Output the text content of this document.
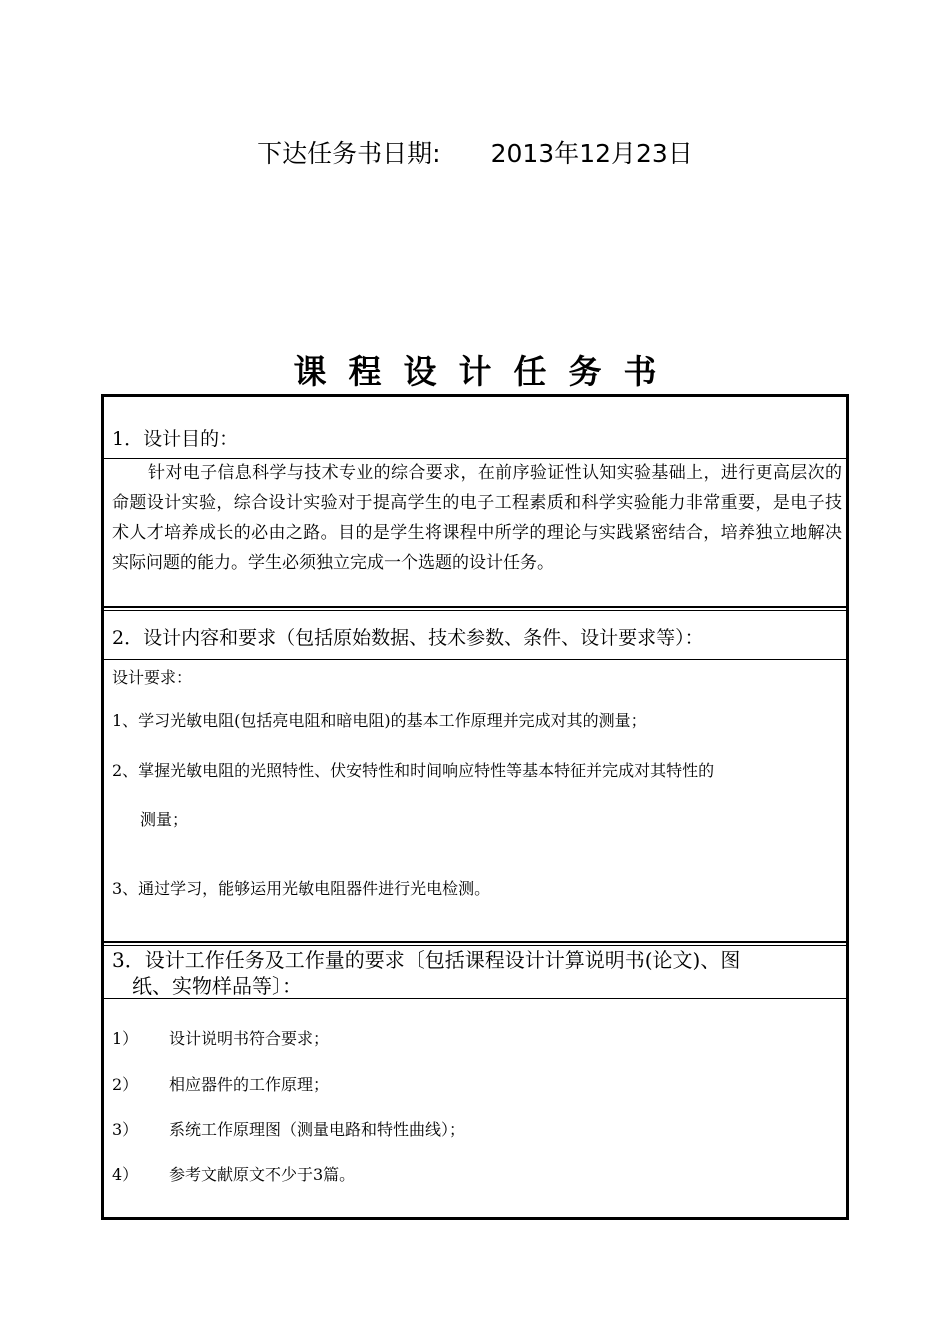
下达任务书日期: 2013年12月23日
课程设计任务书
1．设计目的：
针对电子信息科学与技术专业的综合要求，在前序验证性认知实验基础上，进行更高层次的命题设计实验，综合设计实验对于提高学生的电子工程素质和科学实验能力非常重要，是电子技术人才培养成长的必由之路。目的是学生将课程中所学的理论与实践紧密结合，培养独立地解决实际问题的能力。学生必须独立完成一个选题的设计任务。
2．设计内容和要求（包括原始数据、技术参数、条件、设计要求等）：
设计要求：
1、学习光敏电阻(包括亮电阻和暗电阻)的基本工作原理并完成对其的测量；
2、掌握光敏电阻的光照特性、伏安特性和时间响应特性等基本特征并完成对其特性的
测量；
3、通过学习，能够运用光敏电阻器件进行光电检测。
3．设计工作任务及工作量的要求〔包括课程设计计算说明书(论文)、图
纸、实物样品等〕：
1） 设计说明书符合要求；
2） 相应器件的工作原理；
3） 系统工作原理图（测量电路和特性曲线）；
4） 参考文献原文不少于3篇。
